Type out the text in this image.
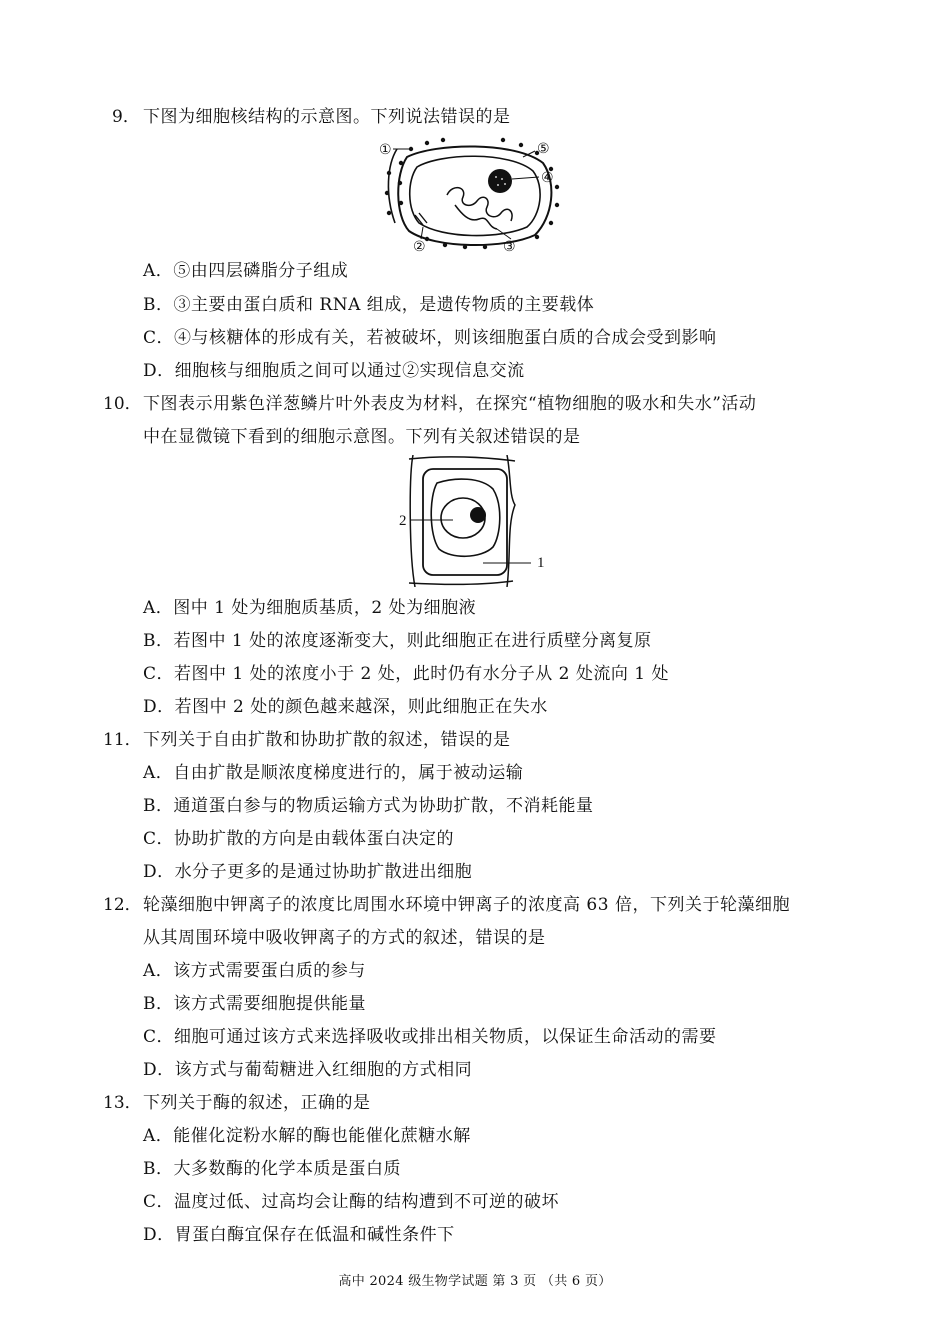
9． 下图为细胞核结构的示意图。下列说法错误的是
①
②	③
④
⑤
A．⑤由四层磷脂分子组成
B．③主要由蛋白质和 RNA 组成，是遗传物质的主要载体
C．④与核糖体的形成有关，若被破坏，则该细胞蛋白质的合成会受到影响
D．细胞核与细胞质之间可以通过②实现信息交流
10． 下图表示用紫色洋葱鳞片叶外表皮为材料，在探究“植物细胞的吸水和失水”活动
中在显微镜下看到的细胞示意图。下列有关叙述错误的是
2
1
A．图中 1 处为细胞质基质，2 处为细胞液
B．若图中 1 处的浓度逐渐变大，则此细胞正在进行质壁分离复原
C．若图中 1 处的浓度小于 2 处，此时仍有水分子从 2 处流向 1 处
D．若图中 2 处的颜色越来越深，则此细胞正在失水
11． 下列关于自由扩散和协助扩散的叙述，错误的是
A．自由扩散是顺浓度梯度进行的，属于被动运输
B．通道蛋白参与的物质运输方式为协助扩散，不消耗能量
C．协助扩散的方向是由载体蛋白决定的
D．水分子更多的是通过协助扩散进出细胞
12． 轮藻细胞中钾离子的浓度比周围水环境中钾离子的浓度高 63 倍，下列关于轮藻细胞
从其周围环境中吸收钾离子的方式的叙述，错误的是
A．该方式需要蛋白质的参与
B．该方式需要细胞提供能量
C．细胞可通过该方式来选择吸收或排出相关物质，以保证生命活动的需要
D．该方式与葡萄糖进入红细胞的方式相同
13． 下列关于酶的叙述，正确的是
A．能催化淀粉水解的酶也能催化蔗糖水解
B．大多数酶的化学本质是蛋白质
C．温度过低、过高均会让酶的结构遭到不可逆的破坏
D．胃蛋白酶宜保存在低温和碱性条件下
高中 2024 级生物学试题 第 3 页 （共 6 页）
